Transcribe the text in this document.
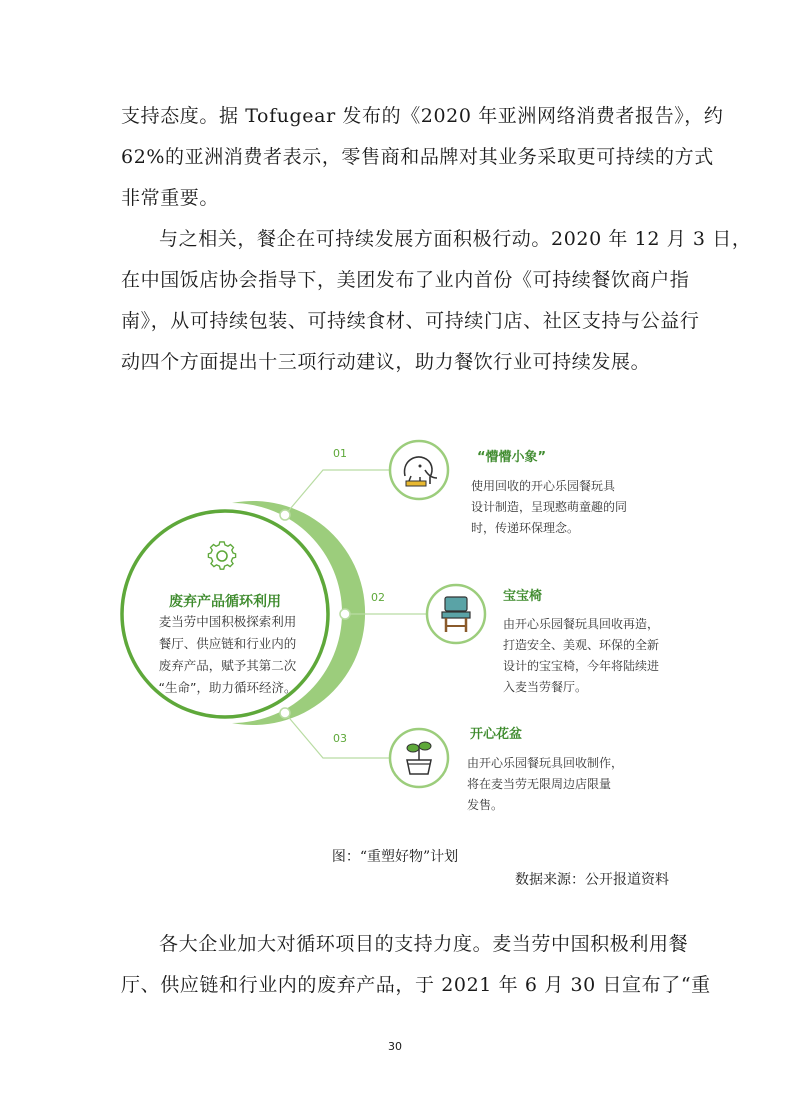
支持态度。据 Tofugear 发布的《2020 年亚洲网络消费者报告》，约
62%的亚洲消费者表示，零售商和品牌对其业务采取更可持续的方式
非常重要。
与之相关，餐企在可持续发展方面积极行动。2020 年 12 月 3 日，
在中国饭店协会指导下，美团发布了业内首份《可持续餐饮商户指
南》，从可持续包装、可持续食材、可持续门店、社区支持与公益行
动四个方面提出十三项行动建议，助力餐饮行业可持续发展。
废弃产品循环利用
麦当劳中国积极探索利用
餐厅、供应链和行业内的
废弃产品，赋予其第二次
“生命”，助力循环经济。
01
02
03
“懵懵小象”
使用回收的开心乐园餐玩具
设计制造，呈现憨萌童趣的同
时，传递环保理念。
宝宝椅
由开心乐园餐玩具回收再造，
打造安全、美观、环保的全新
设计的宝宝椅，今年将陆续进
入麦当劳餐厅。
开心花盆
由开心乐园餐玩具回收制作，
将在麦当劳无限周边店限量
发售。
图：“重塑好物”计划
数据来源：公开报道资料
各大企业加大对循环项目的支持力度。麦当劳中国积极利用餐
厅、供应链和行业内的废弃产品，于 2021 年 6 月 30 日宣布了“重
30
